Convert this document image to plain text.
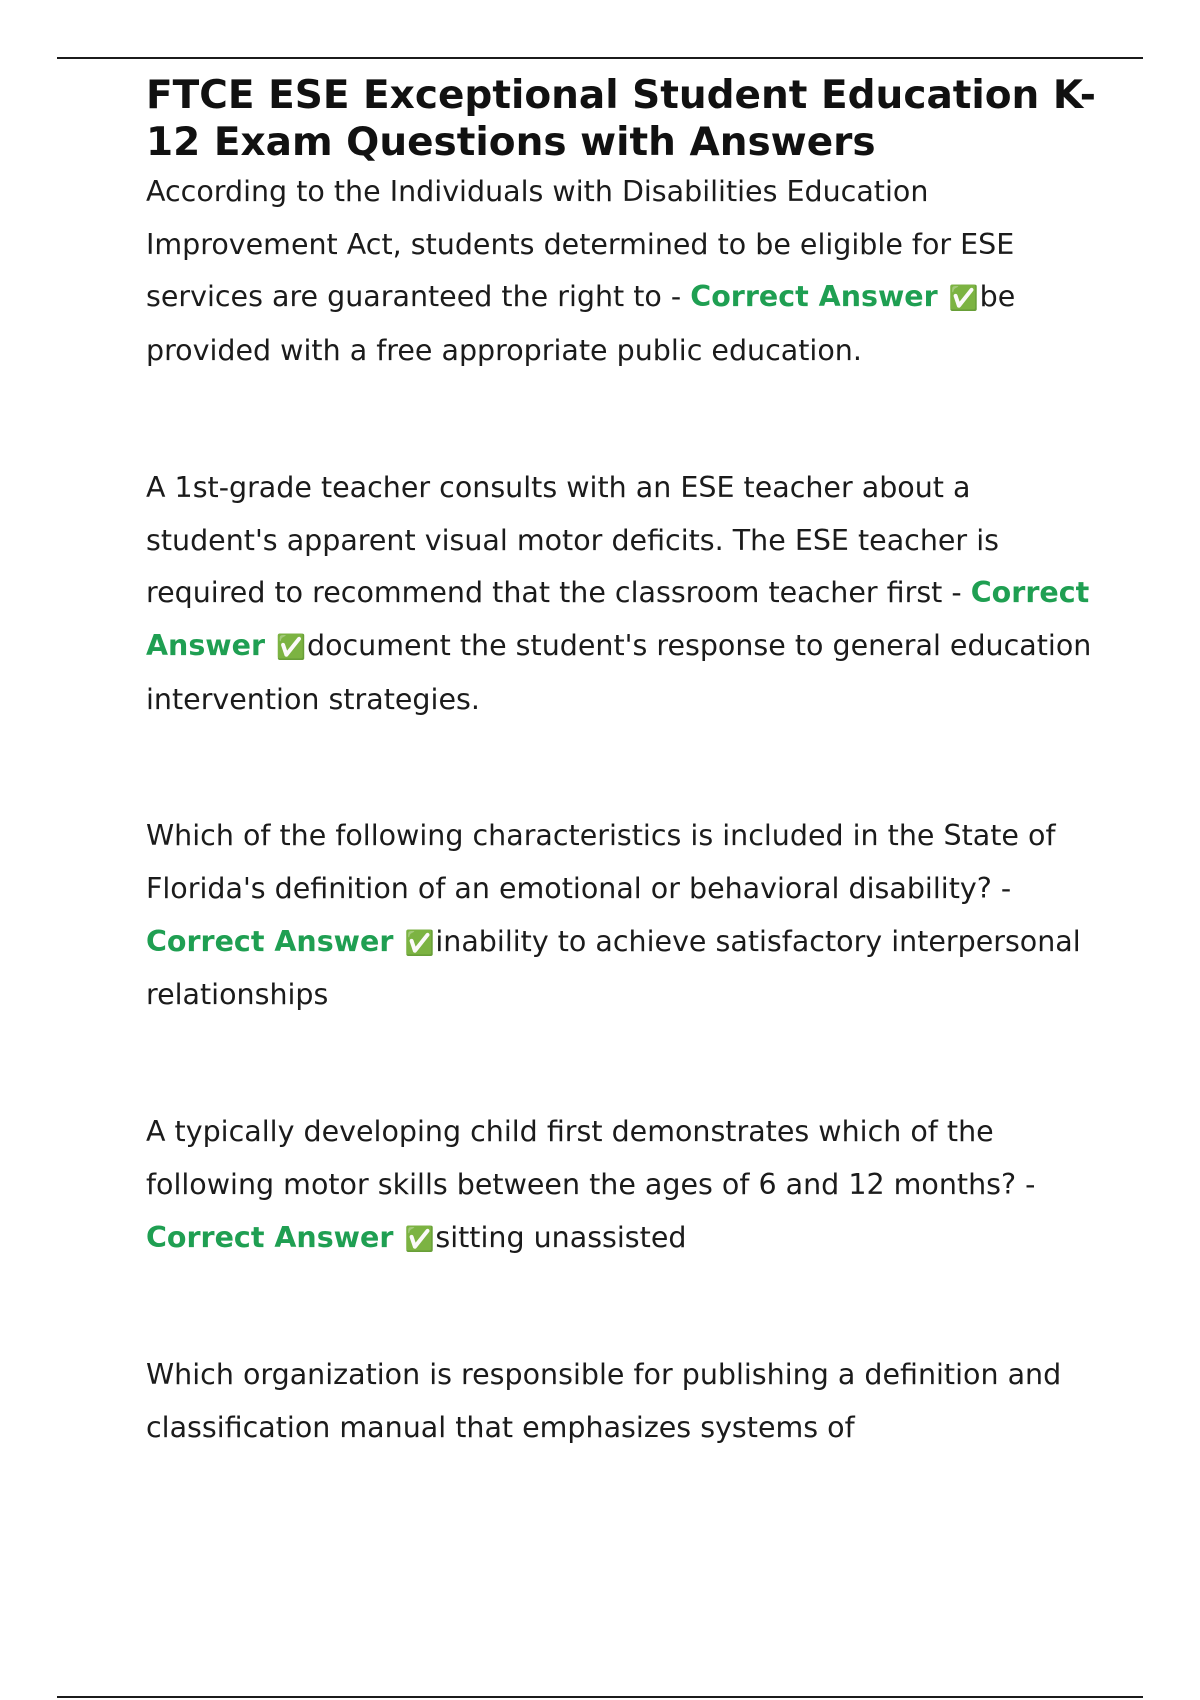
FTCE ESE Exceptional Student Education K-12 Exam Questions with Answers

According to the Individuals with Disabilities Education Improvement Act, students determined to be eligible for ESE services are guaranteed the right to - Correct Answer ✅be provided with a free appropriate public education.

A 1st-grade teacher consults with an ESE teacher about a student's apparent visual motor deficits. The ESE teacher is required to recommend that the classroom teacher first - Correct Answer ✅document the student's response to general education intervention strategies.

Which of the following characteristics is included in the State of Florida's definition of an emotional or behavioral disability? - Correct Answer ✅inability to achieve satisfactory interpersonal relationships

A typically developing child first demonstrates which of the following motor skills between the ages of 6 and 12 months? - Correct Answer ✅sitting unassisted

Which organization is responsible for publishing a definition and classification manual that emphasizes systems of
